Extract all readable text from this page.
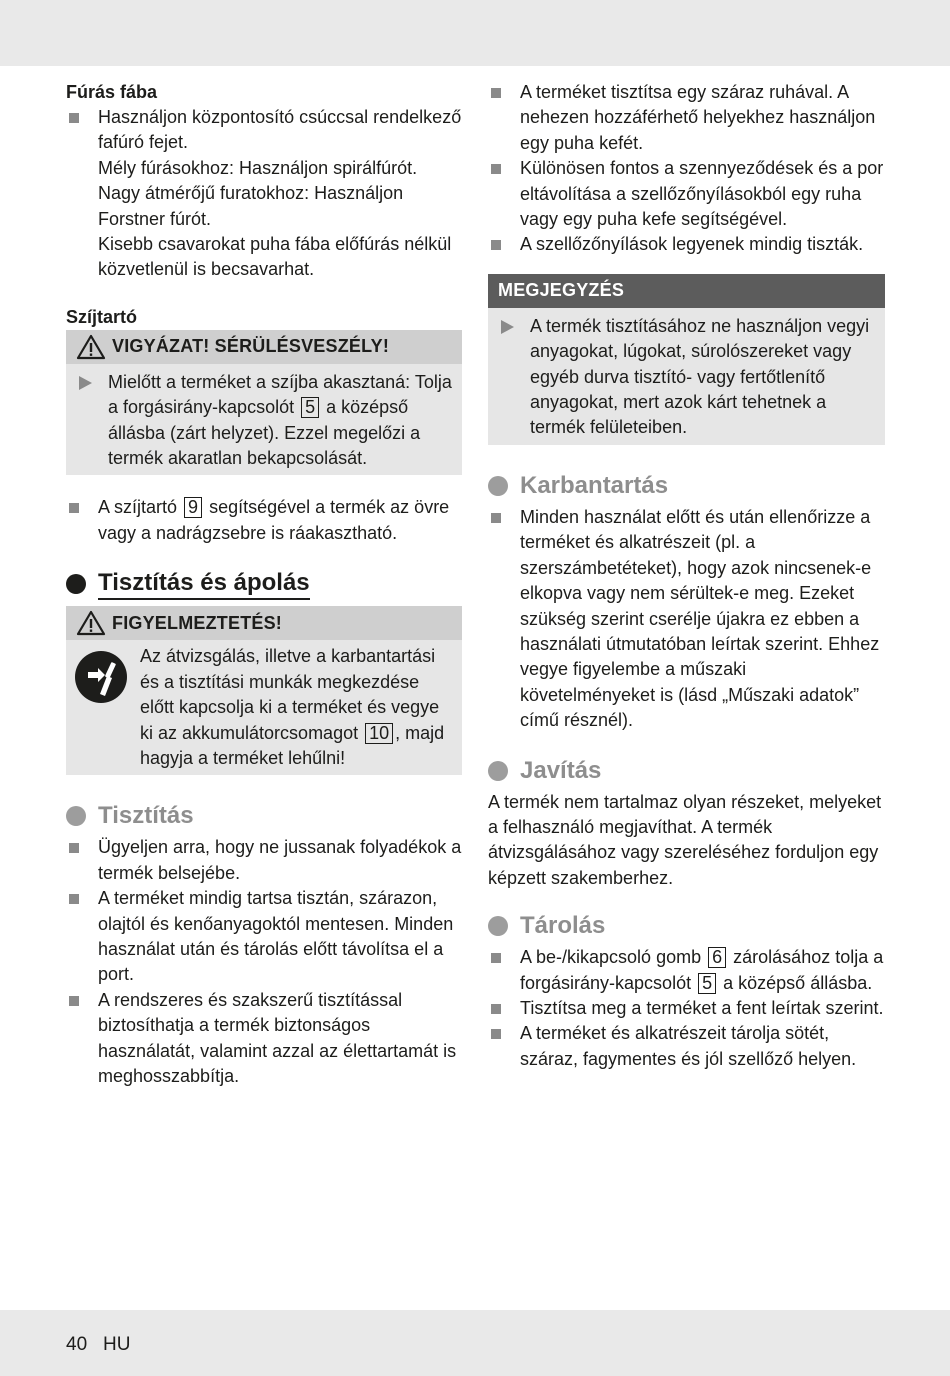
Fúrás fába

Használjon központosító csúccsal rendelkező fafúró fejet.
Mély fúrásokhoz: Használjon spirálfúrót.
Nagy átmérőjű furatokhoz: Használjon Forstner fúrót.
Kisebb csavarokat puha fába előfúrás nélkül közvetlenül is becsavarhat.

Szíjtartó

VIGYÁZAT! SÉRÜLÉSVESZÉLY!
Mielőtt a terméket a szíjba akasztaná: Tolja a forgásirány-kapcsolót 5 a középső állásba (zárt helyzet). Ezzel megelőzi a termék akaratlan bekapcsolását.
A szíjtartó 9 segítségével a termék az övre vagy a nadrágzsebre is ráakasztható.
Tisztítás és ápolás
FIGYELMEZTETÉS!
Az átvizsgálás, illetve a karbantartási és a tisztítási munkák megkezdése előtt kapcsolja ki a terméket és vegye ki az akkumulátorcsomagot 10 , majd hagyja a terméket lehűlni!
Tisztítás
Ügyeljen arra, hogy ne jussanak folyadékok a termék belsejébe.
A terméket mindig tartsa tisztán, szárazon, olajtól és kenőanyagoktól mentesen. Minden használat után és tárolás előtt távolítsa el a port.
A rendszeres és szakszerű tisztítással biztosíthatja a termék biztonságos használatát, valamint azzal az élettartamát is meghosszabbítja.
A terméket tisztítsa egy száraz ruhával. A nehezen hozzáférhető helyekhez használjon egy puha kefét.
Különösen fontos a szennyeződések és a por eltávolítása a szellőzőnyílásokból egy ruha vagy egy puha kefe segítségével.
A szellőzőnyílások legyenek mindig tiszták.
MEGJEGYZÉS
A termék tisztításához ne használjon vegyi anyagokat, lúgokat, súrolószereket vagy egyéb durva tisztító- vagy fertőtlenítő anyagokat, mert azok kárt tehetnek a termék felületeiben.
Karbantartás
Minden használat előtt és után ellenőrizze a terméket és alkatrészeit (pl. a szerszámbetéteket), hogy azok nincsenek-e elkopva vagy nem sérültek-e meg. Ezeket szükség szerint cserélje újakra ez ebben a használati útmutatóban leírtak szerint. Ehhez vegye figyelembe a műszaki követelményeket is (lásd „Műszaki adatok” című résznél).
Javítás

A termék nem tartalmaz olyan részeket, melyeket a felhasználó megjavíthat. A termék átvizsgálásához vagy szereléséhez forduljon egy képzett szakemberhez.

Tárolás
A be-/kikapcsoló gomb 6 zárolásához tolja a forgásirány-kapcsolót 5 a középső állásba.
Tisztítsa meg a terméket a fent leírtak szerint.
A terméket és alkatrészeit tárolja sötét, száraz, fagymentes és jól szellőző helyen.
40 HU
